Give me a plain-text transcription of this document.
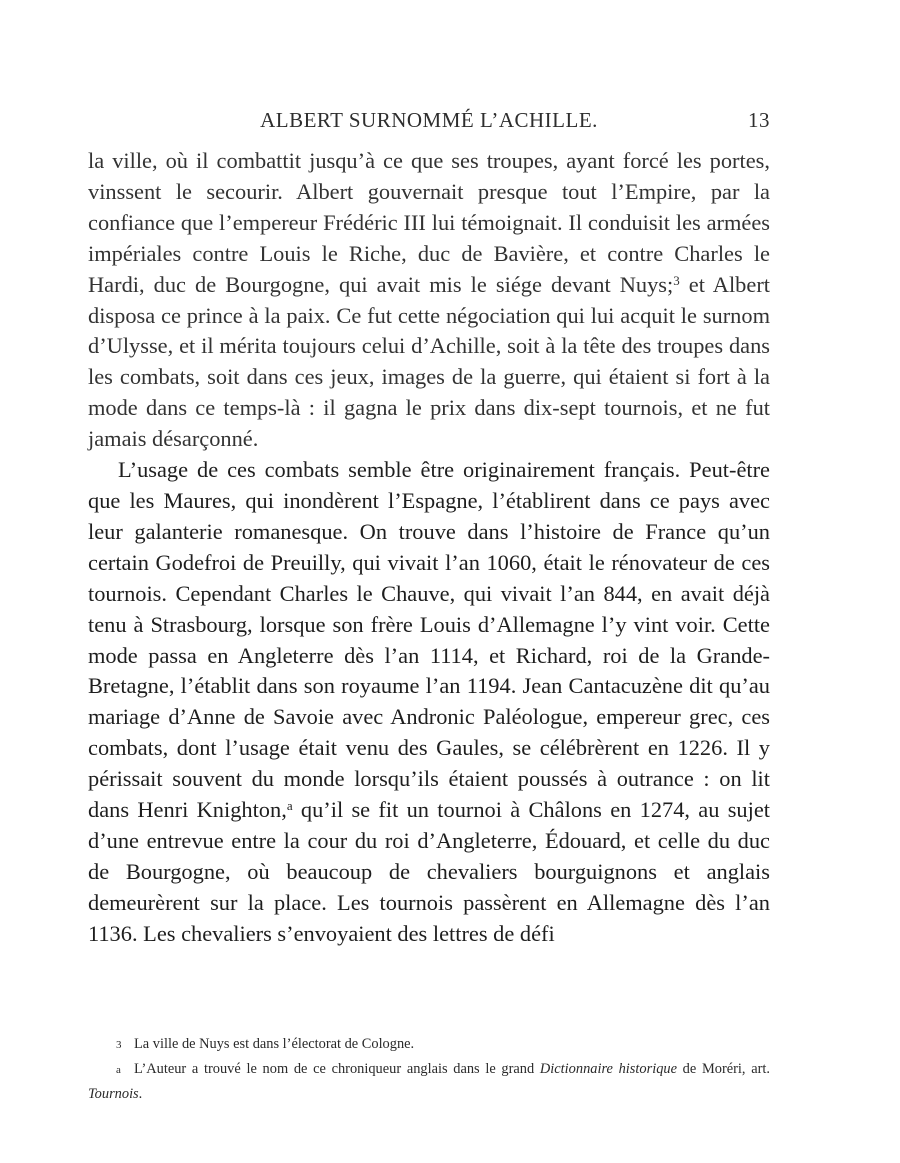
ALBERT SURNOMMÉ L’ACHILLE.	13

la ville, où il combattit jusqu’à ce que ses troupes, ayant forcé les portes, vinssent le secourir. Albert gouvernait presque tout l’Empire, par la confiance que l’empereur Frédéric III lui témoignait. Il conduisit les armées impériales contre Louis le Riche, duc de Bavière, et contre Charles le Hardi, duc de Bourgogne, qui avait mis le siége devant Nuys;$^3$ et Albert disposa ce prince à la paix. Ce fut cette négociation qui lui acquit le surnom d’Ulysse, et il mérita toujours celui d’Achille, soit à la tête des troupes dans les combats, soit dans ces jeux, images de la guerre, qui étaient si fort à la mode dans ce temps-là : il gagna le prix dans dix-sept tournois, et ne fut jamais désarçonné.

L’usage de ces combats semble être originairement français. Peut-être que les Maures, qui inondèrent l’Espagne, l’établirent dans ce pays avec leur galanterie romanesque. On trouve dans l’histoire de France qu’un certain Godefroi de Preuilly, qui vivait l’an 1060, était le rénovateur de ces tournois. Cependant Charles le Chauve, qui vivait l’an 844, en avait déjà tenu à Strasbourg, lorsque son frère Louis d’Allemagne l’y vint voir. Cette mode passa en Angleterre dès l’an 1114, et Richard, roi de la Grande-Bretagne, l’établit dans son royaume l’an 1194. Jean Cantacuzène dit qu’au mariage d’Anne de Savoie avec Andronic Paléologue, empereur grec, ces combats, dont l’usage était venu des Gaules, se célébrèrent en 1226. Il y périssait souvent du monde lorsqu’ils étaient poussés à outrance : on lit dans Henri Knighton,$^a$ qu’il se fit un tournoi à Châlons en 1274, au sujet d’une entrevue entre la cour du roi d’Angleterre, Édouard, et celle du duc de Bourgogne, où beaucoup de chevaliers bourguignons et anglais demeurèrent sur la place. Les tournois passèrent en Allemagne dès l’an 1136. Les chevaliers s’envoyaient des lettres de défi

3 La ville de Nuys est dans l’électorat de Cologne.

a L’Auteur a trouvé le nom de ce chroniqueur anglais dans le grand Dictionnaire historique de Moréri, art. Tournois.
